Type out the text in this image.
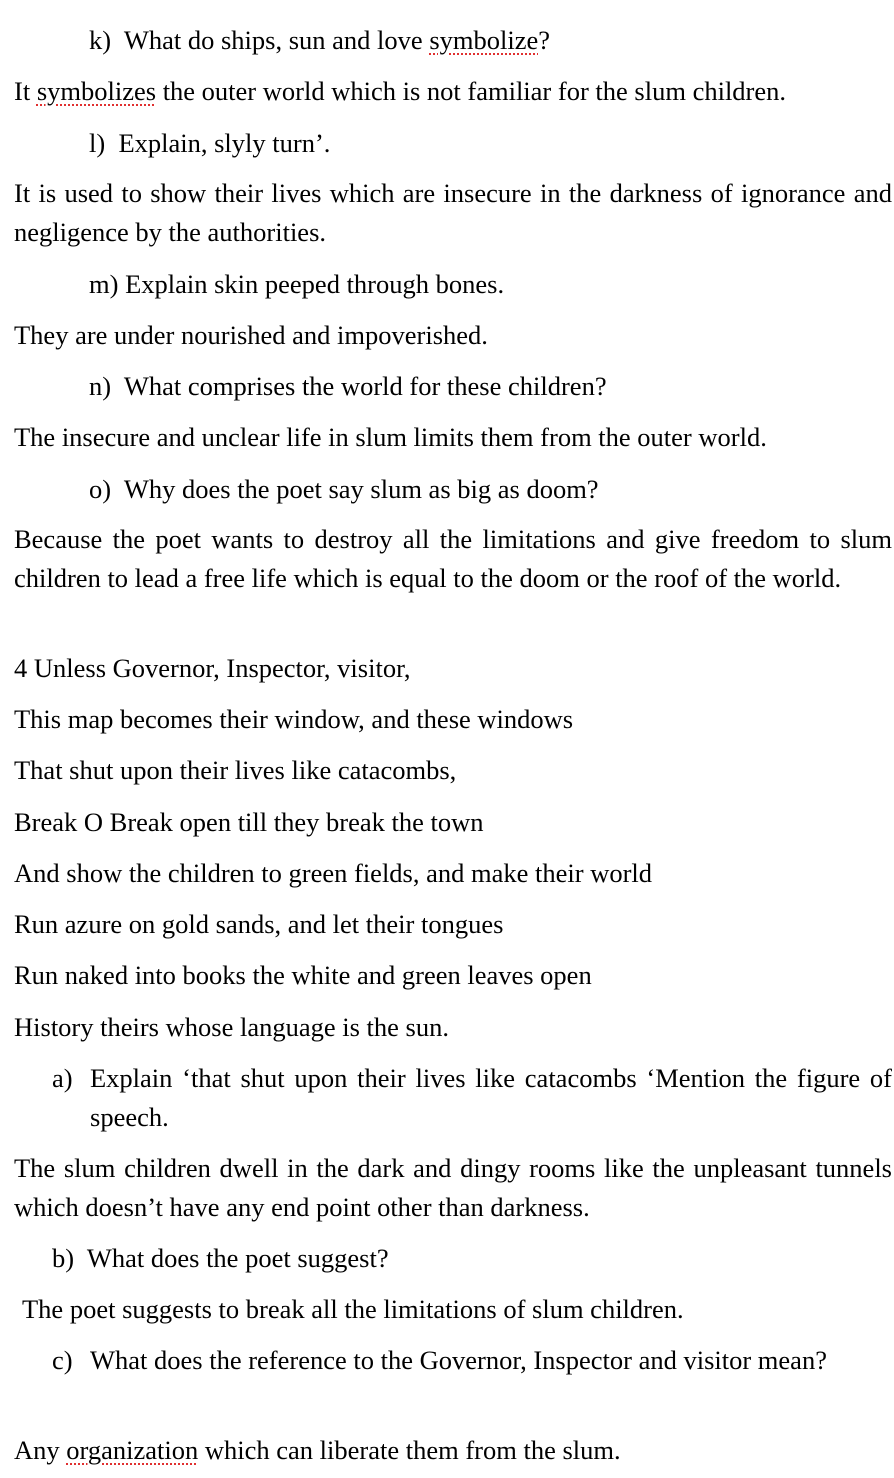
k) What do ships, sun and love symbolize?

It symbolizes the outer world which is not familiar for the slum children.

l) Explain, slyly turn’.

It is used to show their lives which are insecure in the darkness of ignorance and negligence by the authorities.

m) Explain skin peeped through bones.

They are under nourished and impoverished.

n) What comprises the world for these children?

The insecure and unclear life in slum limits them from the outer world.

o) Why does the poet say slum as big as doom?

Because the poet wants to destroy all the limitations and give freedom to slum children to lead a free life which is equal to the doom or the roof of the world.

4 Unless Governor, Inspector, visitor,

This map becomes their window, and these windows

That shut upon their lives like catacombs,

Break O Break open till they break the town

And show the children to green fields, and make their world

Run azure on gold sands, and let their tongues

Run naked into books the white and green leaves open

History theirs whose language is the sun.

a) Explain ‘that shut upon their lives like catacombs ‘Mention the figure of speech.

The slum children dwell in the dark and dingy rooms like the unpleasant tunnels which doesn’t have any end point other than darkness.

b) What does the poet suggest?

The poet suggests to break all the limitations of slum children.

c) What does the reference to the Governor, Inspector and visitor mean?

Any organization which can liberate them from the slum.
